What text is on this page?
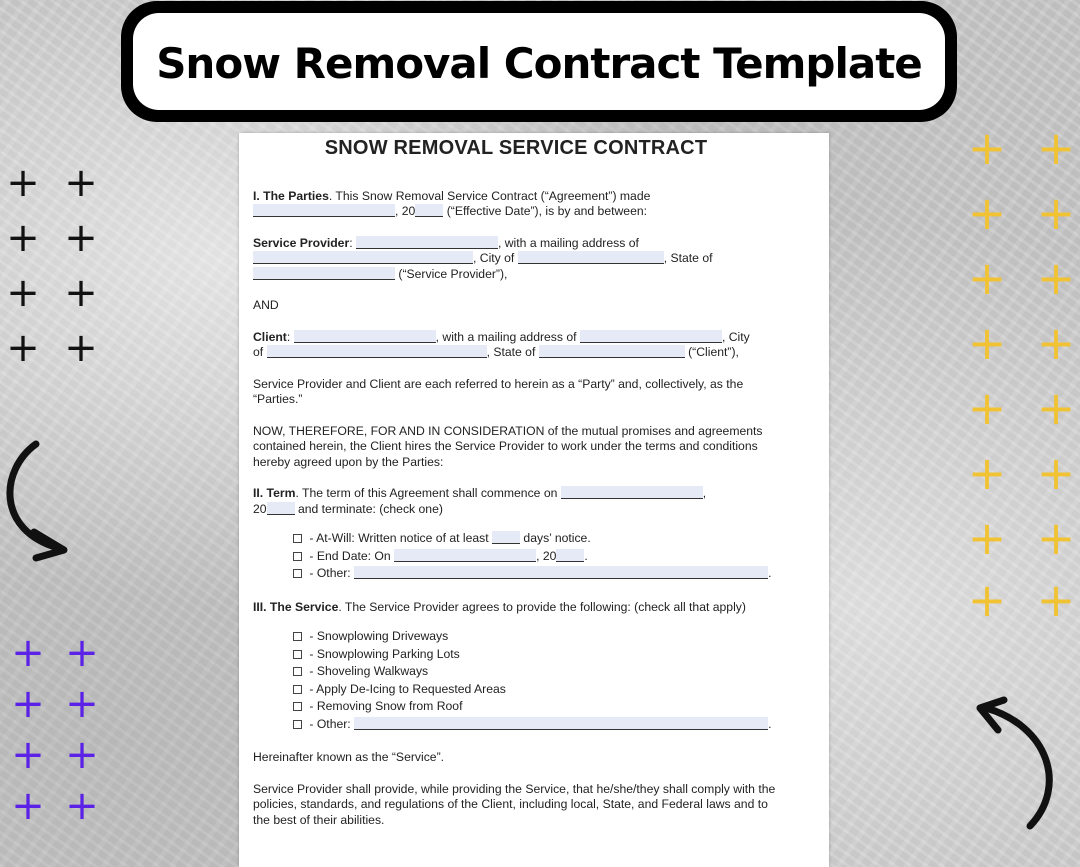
Snow Removal Contract Template
+ +
+ +
+ +
+ +
+ +
+ +
+ +
+ +
+ +
+ +
+ +
+ +
+ +
+ +
+ +
+ +
SNOW REMOVAL SERVICE CONTRACT
I. The Parties. This Snow Removal Service Contract (“Agreement”) made
, 20 (“Effective Date”), is by and between:
Service Provider:	, with a mailing address of
, City of	, State of
(“Service Provider”),
AND
Client:	, with a mailing address of	, City
of	, State of	(“Client”),
Service Provider and Client are each referred to herein as a “Party” and, collectively, as the “Parties.”
NOW, THEREFORE, FOR AND IN CONSIDERATION of the mutual promises and agreements contained herein, the Client hires the Service Provider to work under the terms and conditions hereby agreed upon by the Parties:
II. Term. The term of this Agreement shall commence on	,
20 and terminate: (check one)
- At-Will: Written notice of at least	days’ notice.
- End Date: On	, 20 .
- Other:	.
III. The Service. The Service Provider agrees to provide the following: (check all that apply)
- Snowplowing Driveways
- Snowplowing Parking Lots
- Shoveling Walkways
- Apply De-Icing to Requested Areas
- Removing Snow from Roof
- Other:	.
Hereinafter known as the “Service”.
Service Provider shall provide, while providing the Service, that he/she/they shall comply with the policies, standards, and regulations of the Client, including local, State, and Federal laws and to the best of their abilities.
